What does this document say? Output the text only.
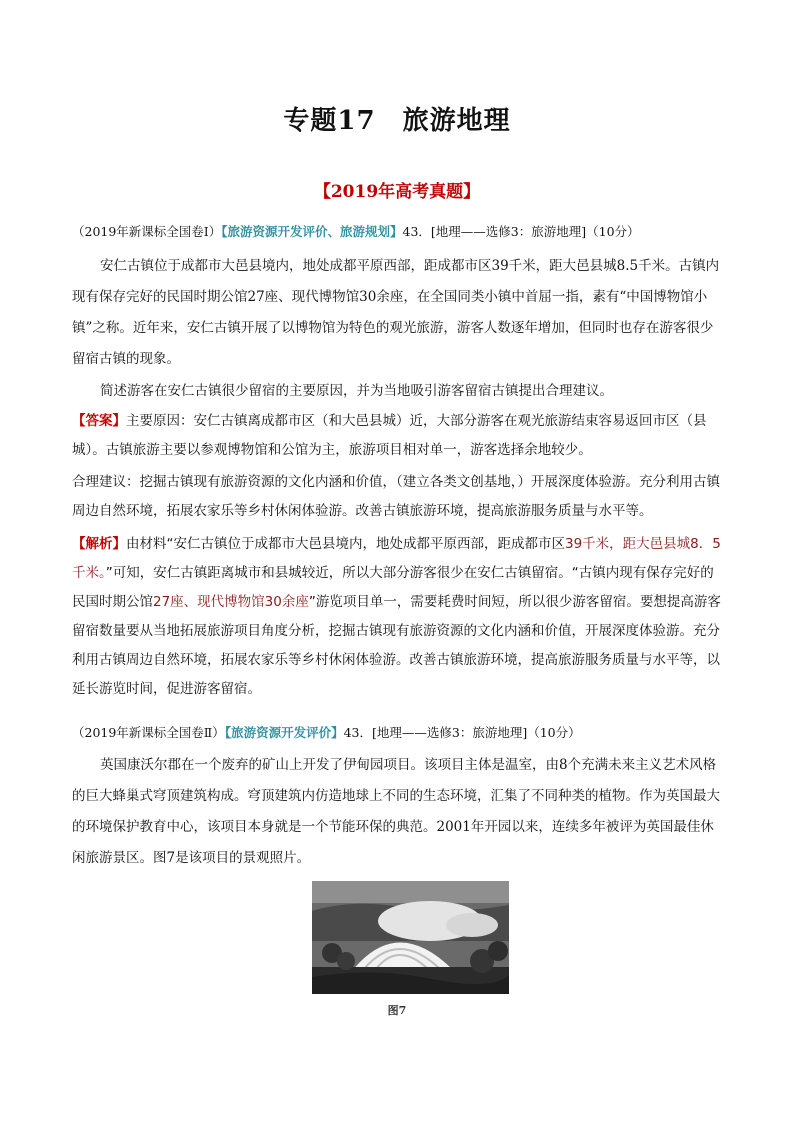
专题17　旅游地理
【2019年高考真题】
（2019年新课标全国卷Ⅰ）【旅游资源开发评价、旅游规划】43．[地理——选修3：旅游地理]（10分）
安仁古镇位于成都市大邑县境内，地处成都平原西部，距成都市区39千米，距大邑县城8.5千米。古镇内现有保存完好的民国时期公馆27座、现代博物馆30余座，在全国同类小镇中首屈一指，素有“中国博物馆小镇”之称。近年来，安仁古镇开展了以博物馆为特色的观光旅游，游客人数逐年增加，但同时也存在游客很少留宿古镇的现象。
简述游客在安仁古镇很少留宿的主要原因，并为当地吸引游客留宿古镇提出合理建议。
【答案】主要原因：安仁古镇离成都市区（和大邑县城）近，大部分游客在观光旅游结束容易返回市区（县城）。古镇旅游主要以参观博物馆和公馆为主，旅游项目相对单一，游客选择余地较少。
合理建议：挖掘古镇现有旅游资源的文化内涵和价值，（建立各类文创基地，）开展深度体验游。充分利用古镇周边自然环境，拓展农家乐等乡村休闲体验游。改善古镇旅游环境，提高旅游服务质量与水平等。
【解析】由材料“安仁古镇位于成都市大邑县境内，地处成都平原西部，距成都市区39千米，距大邑县城8．5千米。”可知，安仁古镇距离城市和县城较近，所以大部分游客很少在安仁古镇留宿。“古镇内现有保存完好的民国时期公馆27座、现代博物馆30余座”游览项目单一，需要耗费时间短，所以很少游客留宿。要想提高游客留宿数量要从当地拓展旅游项目角度分析，挖掘古镇现有旅游资源的文化内涵和价值，开展深度体验游。充分利用古镇周边自然环境，拓展农家乐等乡村休闲体验游。改善古镇旅游环境，提高旅游服务质量与水平等，以延长游览时间，促进游客留宿。
（2019年新课标全国卷Ⅱ）【旅游资源开发评价】43．[地理——选修3：旅游地理]（10分）
英国康沃尔郡在一个废弃的矿山上开发了伊甸园项目。该项目主体是温室，由8个充满未来主义艺术风格的巨大蜂巢式穹顶建筑构成。穹顶建筑内仿造地球上不同的生态环境，汇集了不同种类的植物。作为英国最大的环境保护教育中心，该项目本身就是一个节能环保的典范。2001年开园以来，连续多年被评为英国最佳休闲旅游景区。图7是该项目的景观照片。
图7
